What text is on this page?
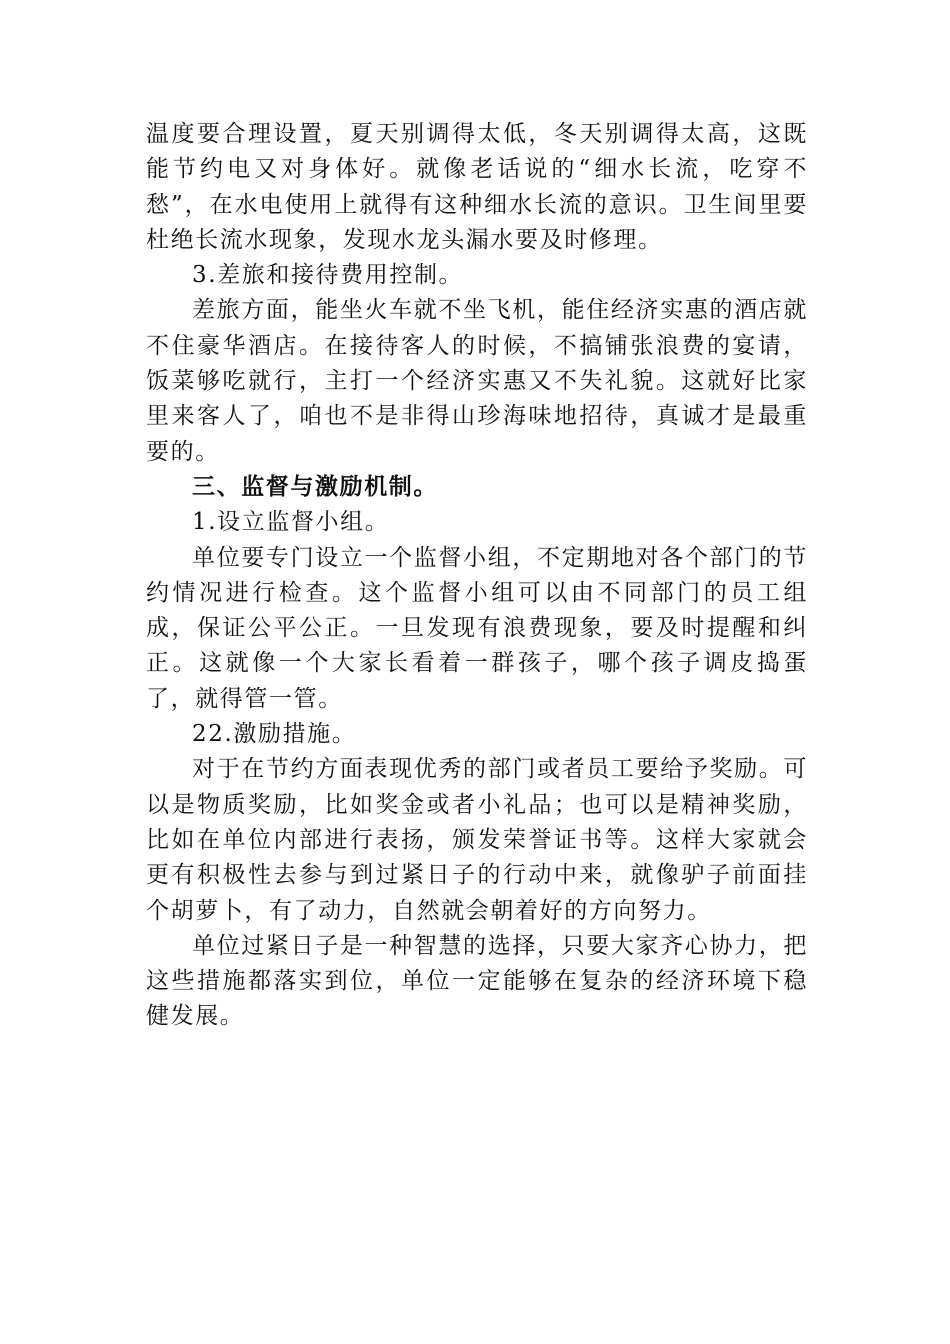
温度要合理设置，夏天别调得太低，冬天别调得太高，这既能节约电又对身体好。就像老话说的“细水长流，吃穿不愁”，在水电使用上就得有这种细水长流的意识。卫生间里要杜绝长流水现象，发现水龙头漏水要及时修理。

3.差旅和接待费用控制。

差旅方面，能坐火车就不坐飞机，能住经济实惠的酒店就不住豪华酒店。在接待客人的时候，不搞铺张浪费的宴请，饭菜够吃就行，主打一个经济实惠又不失礼貌。这就好比家里来客人了，咱也不是非得山珍海味地招待，真诚才是最重要的。

三、监督与激励机制。

1.设立监督小组。

单位要专门设立一个监督小组，不定期地对各个部门的节约情况进行检查。这个监督小组可以由不同部门的员工组成，保证公平公正。一旦发现有浪费现象，要及时提醒和纠正。这就像一个大家长看着一群孩子，哪个孩子调皮捣蛋了，就得管一管。

22.激励措施。

对于在节约方面表现优秀的部门或者员工要给予奖励。可以是物质奖励，比如奖金或者小礼品；也可以是精神奖励，比如在单位内部进行表扬，颁发荣誉证书等。这样大家就会更有积极性去参与到过紧日子的行动中来，就像驴子前面挂个胡萝卜，有了动力，自然就会朝着好的方向努力。

单位过紧日子是一种智慧的选择，只要大家齐心协力，把这些措施都落实到位，单位一定能够在复杂的经济环境下稳健发展。
